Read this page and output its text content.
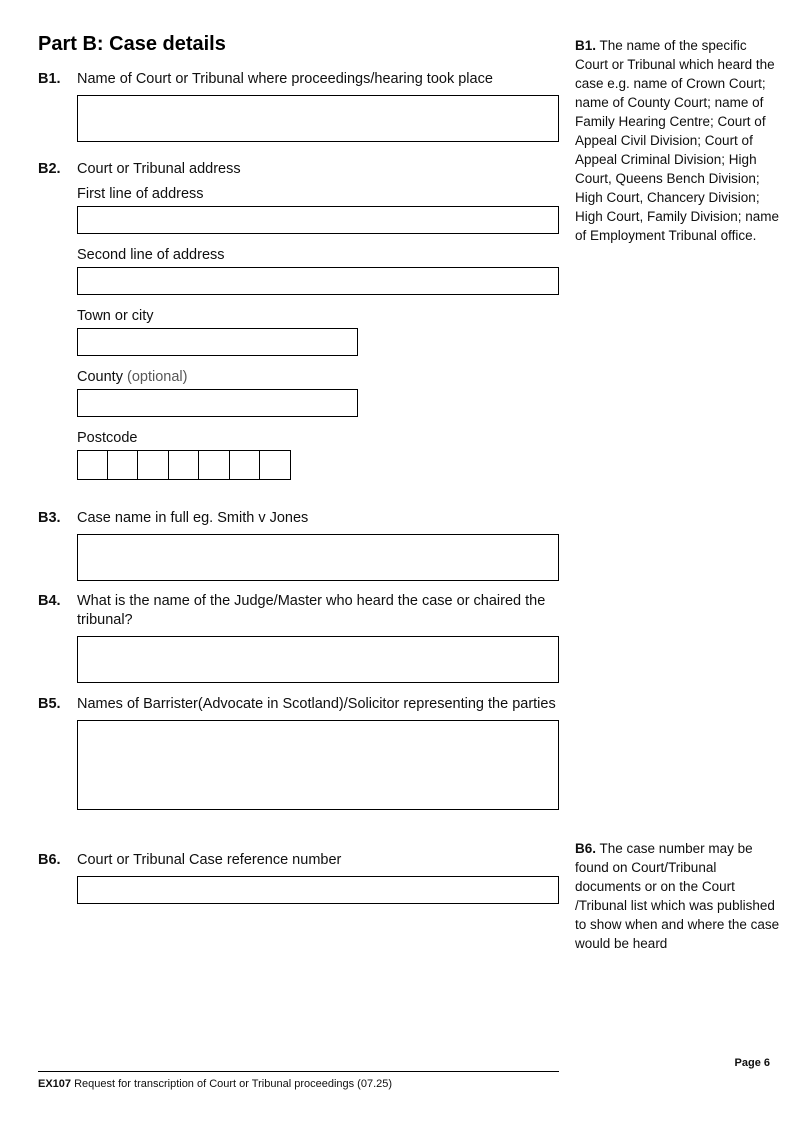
Part B: Case details
B1.	Name of Court or Tribunal where proceedings/hearing took place
B2.	Court or Tribunal address
First line of address
Second line of address
Town or city
County (optional)
Postcode
B3.	Case name in full eg. Smith v Jones
B4.	What is the name of the Judge/Master who heard the case or chaired the tribunal?
B5.	Names of Barrister(Advocate in Scotland)/Solicitor representing the parties
B6.	Court or Tribunal Case reference number
B1. The name of the specific Court or Tribunal which heard the case e.g. name of Crown Court; name of County Court; name of Family Hearing Centre; Court of Appeal Civil Division; Court of Appeal Criminal Division; High Court, Queens Bench Division; High Court, Chancery Division; High Court, Family Division; name of Employment Tribunal office.
B6. The case number may be found on Court/Tribunal documents or on the Court /Tribunal list which was published to show when and where the case would be heard

EX107 Request for transcription of Court or Tribunal proceedings (07.25)

Page 6
